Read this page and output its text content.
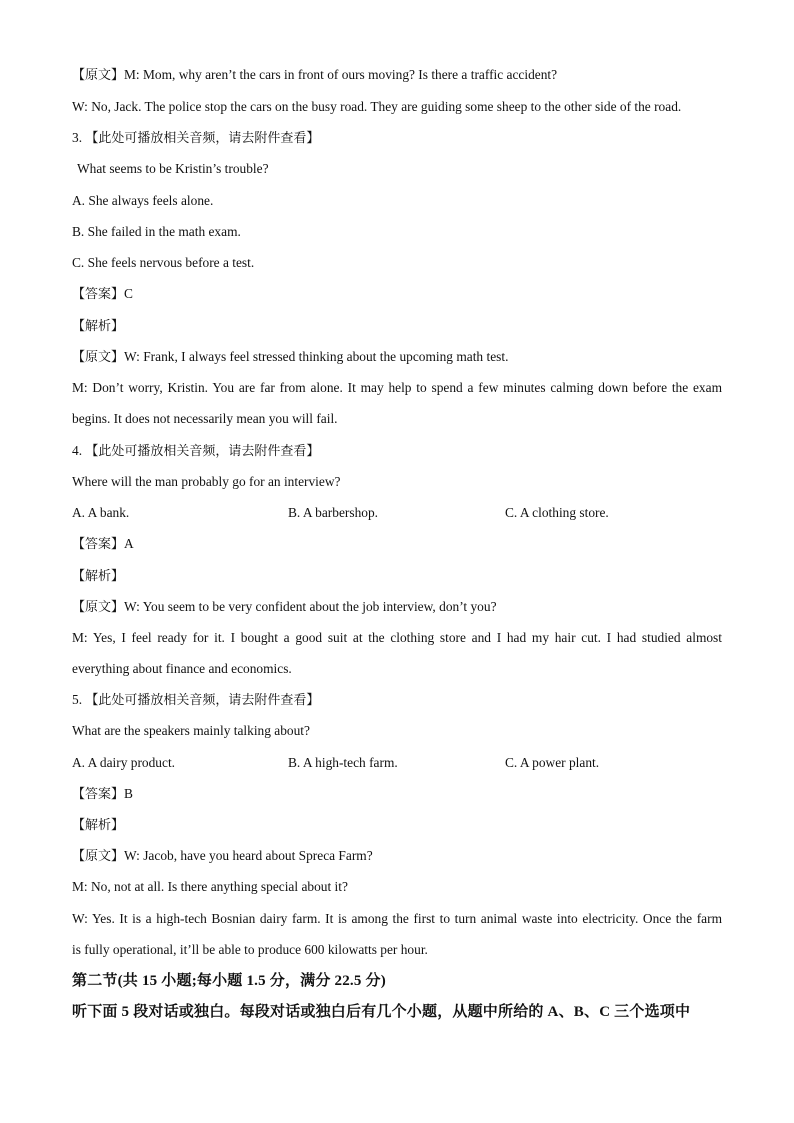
【原文】M: Mom, why aren’t the cars in front of ours moving? Is there a traffic accident?
W: No, Jack. The police stop the cars on the busy road. They are guiding some sheep to the other side of the road.
3. 【此处可播放相关音频，请去附件查看】
What seems to be Kristin’s trouble?
A. She always feels alone.
B. She failed in the math exam.
C. She feels nervous before a test.
【答案】C
【解析】
【原文】W: Frank, I always feel stressed thinking about the upcoming math test.
M: Don’t worry, Kristin. You are far from alone. It may help to spend a few minutes calming down before the exam
begins. It does not necessarily mean you will fail.
4. 【此处可播放相关音频，请去附件查看】
Where will the man probably go for an interview?
A. A bank.	B. A barbershop.	C. A clothing store.
【答案】A
【解析】
【原文】W: You seem to be very confident about the job interview, don’t you?
M: Yes, I feel ready for it. I bought a good suit at the clothing store and I had my hair cut. I had studied almost
everything about finance and economics.
5. 【此处可播放相关音频，请去附件查看】
What are the speakers mainly talking about?
A. A dairy product.	B. A high-tech farm.	C. A power plant.
【答案】B
【解析】
【原文】W: Jacob, have you heard about Spreca Farm?
M: No, not at all. Is there anything special about it?
W: Yes. It is a high-tech Bosnian dairy farm. It is among the first to turn animal waste into electricity. Once the farm
is fully operational, it’ll be able to produce 600 kilowatts per hour.
第二节(共 15 小题;每小题 1.5 分，满分 22.5 分)
听下面 5 段对话或独白。每段对话或独白后有几个小题，从题中所给的 A、B、C 三个选项中
